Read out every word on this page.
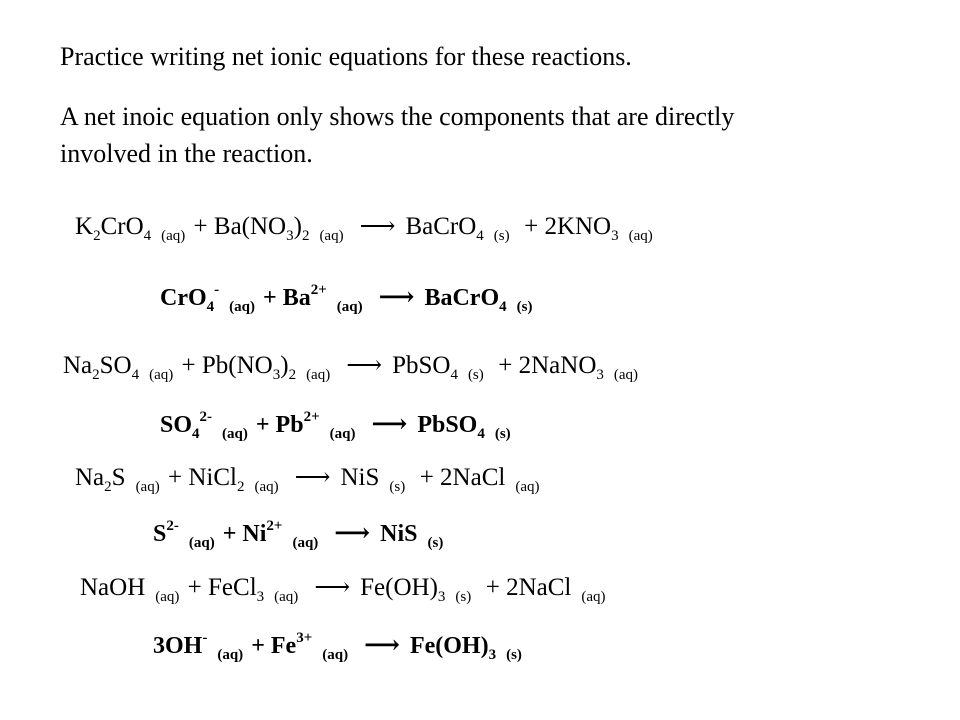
Practice writing net ionic equations for these reactions.

A net inoic equation only shows the components that are directly involved in the reaction.

$K_2CrO_4$ $_{(aq)} + Ba(NO_3)_2$ $_{(aq)}$ ⟶ BaCrO$_4$ $_{(s)} + 2KNO_3$ $_{(aq)}$
$CrO_4^-_{(aq)} + Ba^{2+}_{(aq)}$ ⟶ BaCrO$_4$ $_{(s)}$
$Na_2SO_4$ $_{(aq)} + Pb(NO_3)_2$ $_{(aq)}$ ⟶ PbSO$_4$ $_{(s)}$ + 2NaNO$_3$ $_{(aq)}$
$SO_4^{2-}_{(aq)} + Pb^{2+}_{(aq)}$ ⟶ PbSO$_4$ $_{(s)}$
$Na_2S$ $_{(aq)}$ + NiCl$_2$ $_{(aq)}$ ⟶ NiS $_{(s)}$ + 2NaCl $_{(aq)}$
$S^{2-}_{(aq)} + Ni^{2+}_{(aq)}$ ⟶ NiS $_{(s)}$
NaOH $_{(aq)}$ + FeCl$_3$ $_{(aq)}$ ⟶ $Fe(OH)_3$ $_{(s)}$ + 2NaCl $_{(aq)}$
$3OH^-_{(aq)} + Fe^{3+}_{(aq)}$ ⟶ $Fe(OH)_3$ $_{(s)}$
